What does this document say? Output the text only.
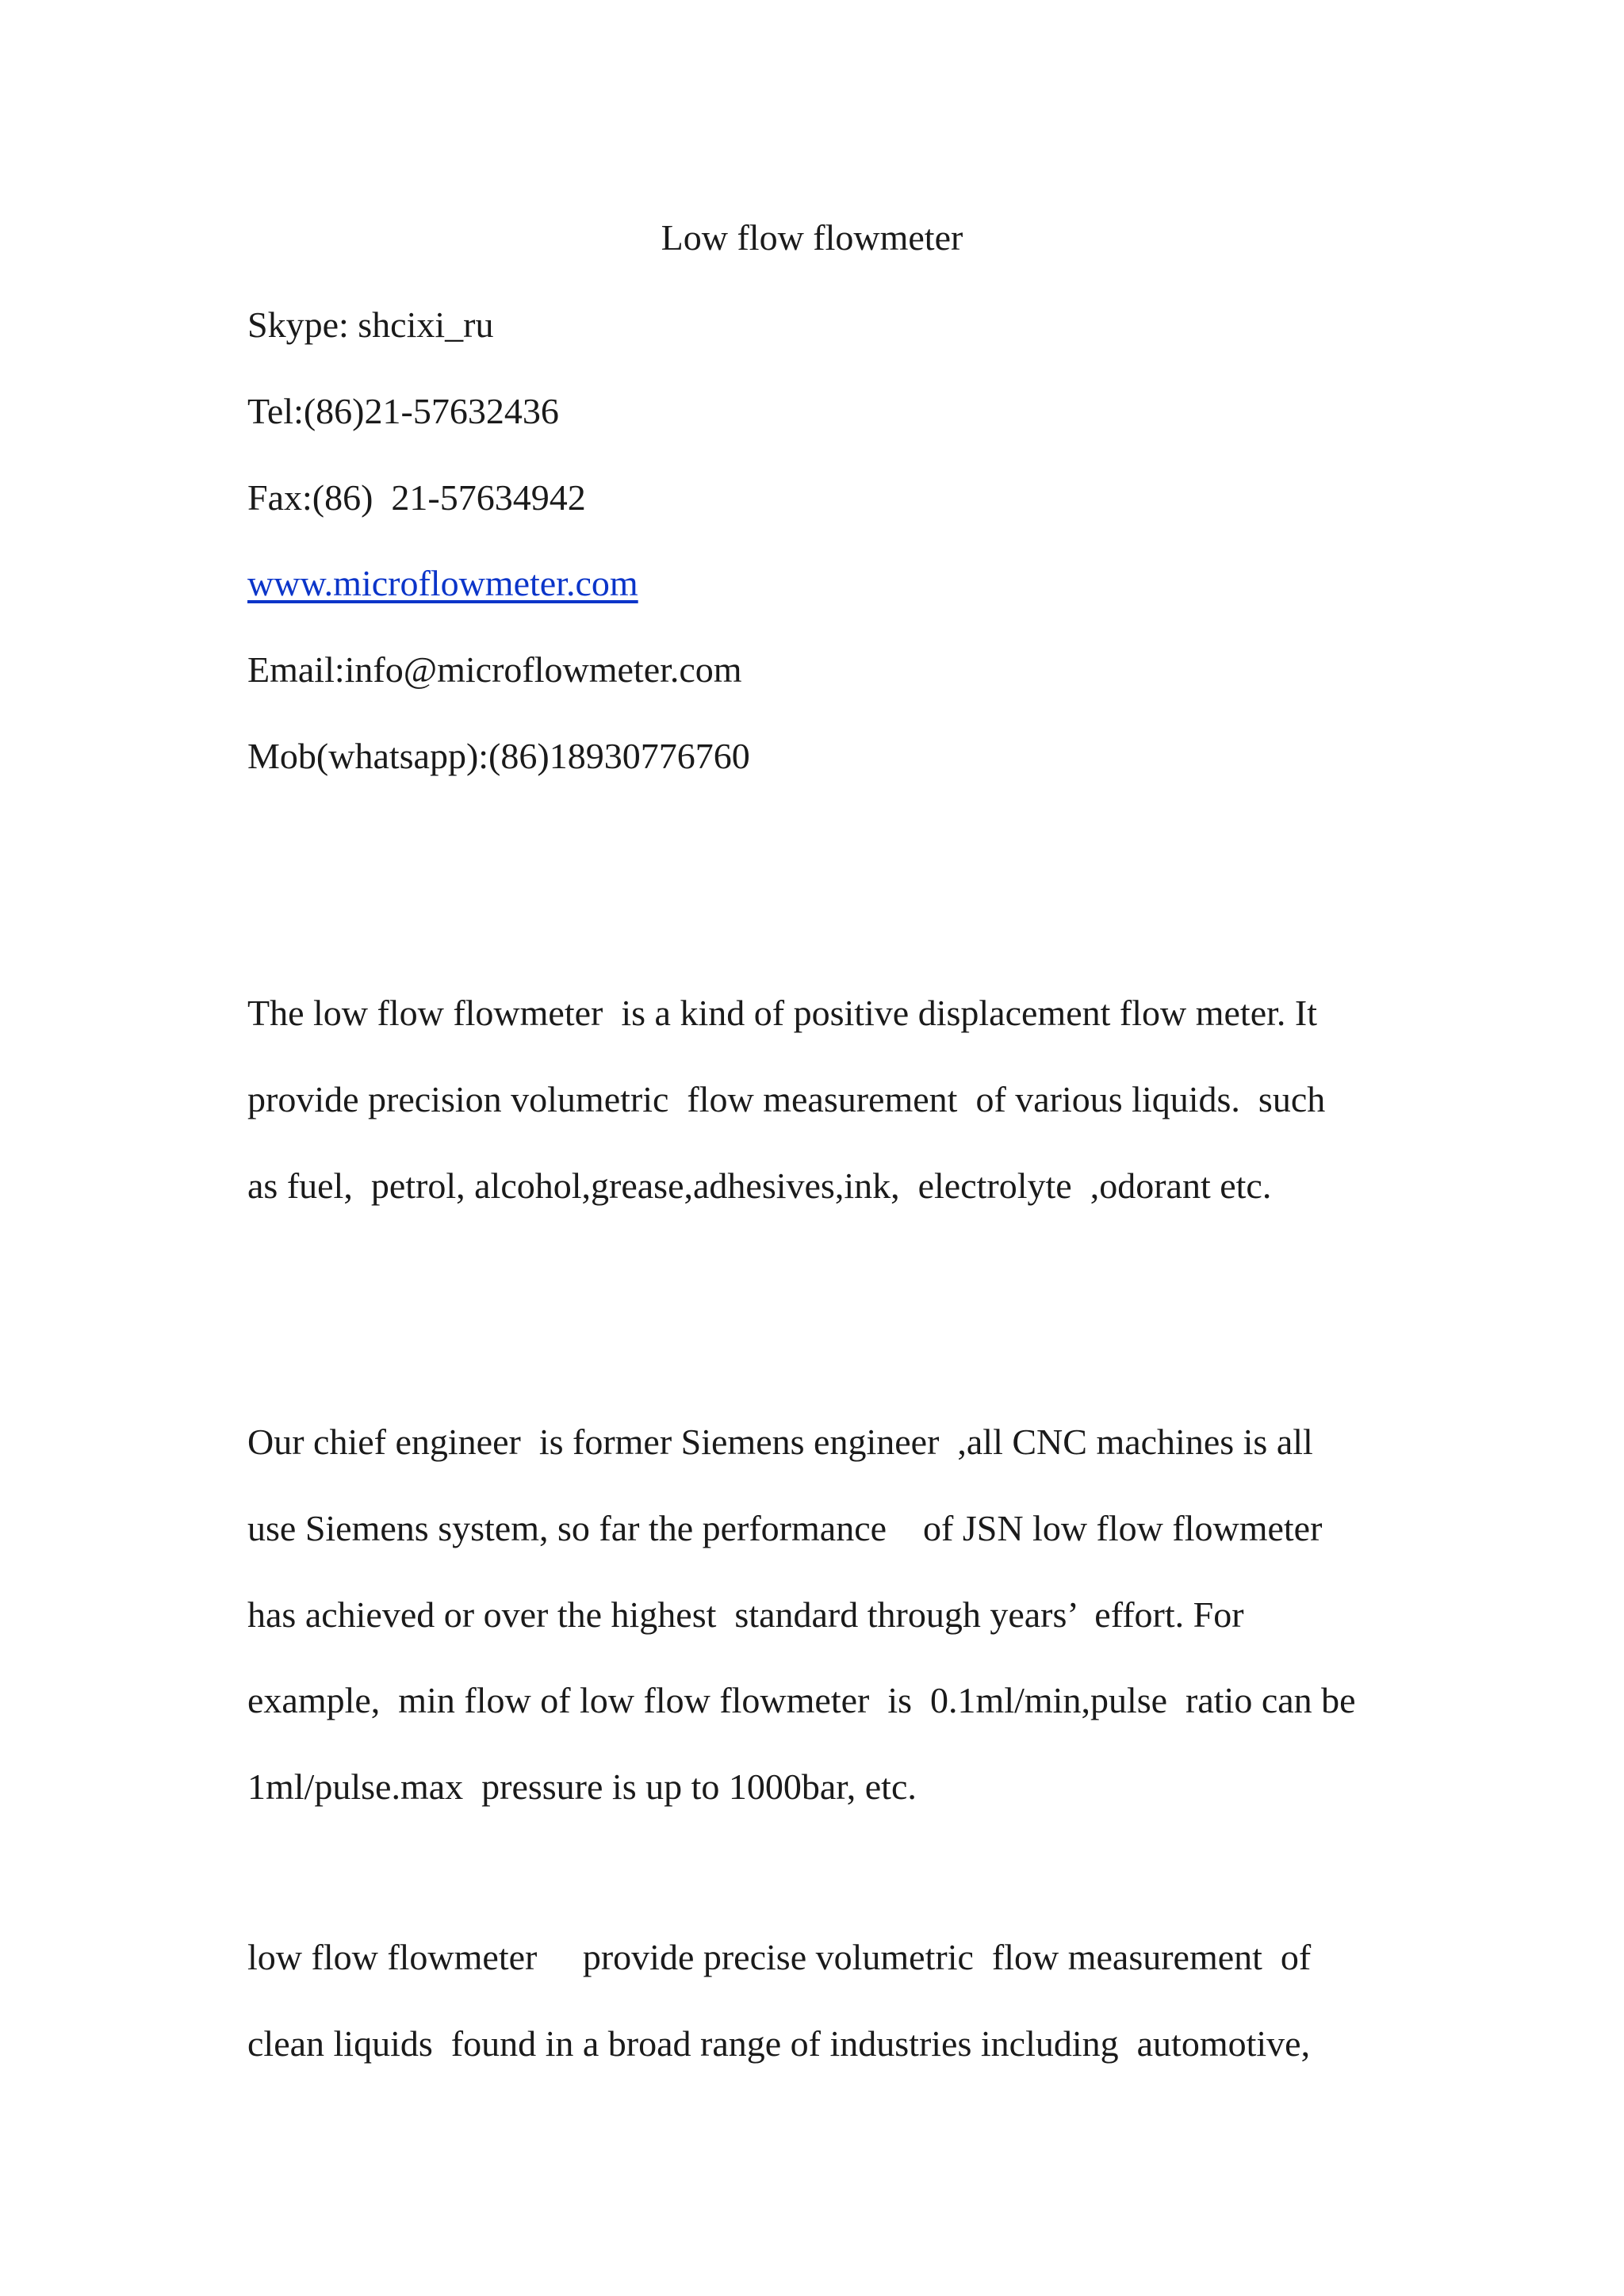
Low flow flowmeter
Skype: shcixi_ru
Tel:(86)21-57632436
Fax:(86)  21-57634942
www.microflowmeter.com
Email:info@microflowmeter.com
Mob(whatsapp):(86)18930776760
The low flow flowmeter  is a kind of positive displacement flow meter. It
provide precision volumetric  flow measurement  of various liquids.  such
as fuel,  petrol, alcohol,grease,adhesives,ink,  electrolyte  ,odorant etc.
Our chief engineer  is former Siemens engineer  ,all CNC machines is all
use Siemens system, so far the performance    of JSN low flow flowmeter
has achieved or over the highest  standard through years’  effort. For
example,  min flow of low flow flowmeter  is  0.1ml/min,pulse  ratio can be
1ml/pulse.max  pressure is up to 1000bar, etc.
low flow flowmeter     provide precise volumetric  flow measurement  of
clean liquids  found in a broad range of industries including  automotive,
